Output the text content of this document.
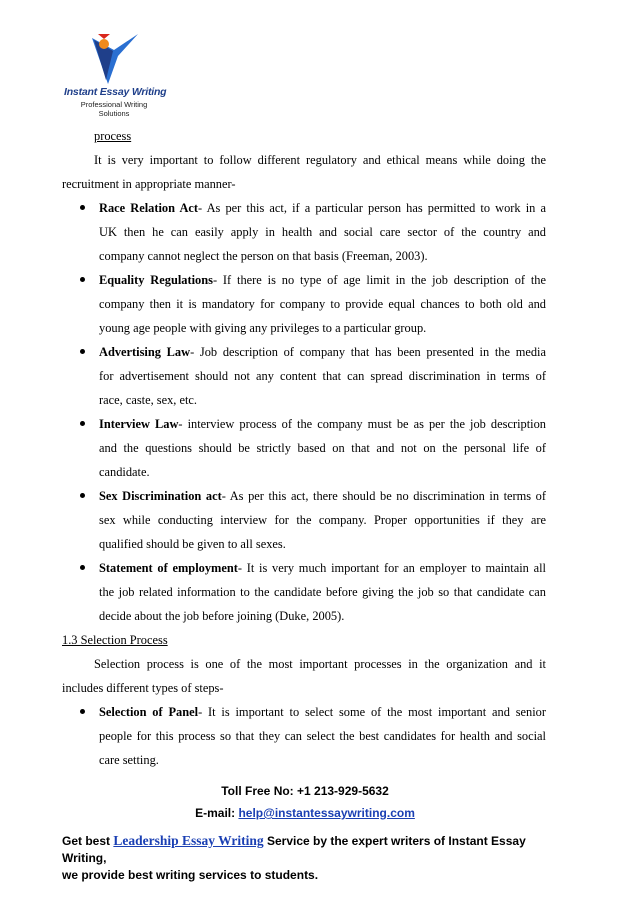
Instant Essay Writing
Professional Writing
Solutions
process
It is very important to follow different regulatory and ethical means while doing the
recruitment in appropriate manner-
Race Relation Act- As per this act, if a particular person has permitted to work in a
UK then he can easily apply in health and social care sector of the country and
company cannot neglect the person on that basis (Freeman, 2003).
Equality Regulations- If there is no type of age limit in the job description of the
company then it is mandatory for company to provide equal chances to both old and
young age people with giving any privileges to a particular group.
Advertising Law- Job description of company that has been presented in the media
for advertisement should not any content that can spread discrimination in terms of
race, caste, sex, etc.
Interview Law- interview process of the company must be as per the job description
and the questions should be strictly based on that and not on the personal life of
candidate.
Sex Discrimination act- As per this act, there should be no discrimination in terms of
sex while conducting interview for the company. Proper opportunities if they are
qualified should be given to all sexes.
Statement of employment- It is very much important for an employer to maintain all
the job related information to the candidate before giving the job so that candidate can
decide about the job before joining (Duke, 2005).
1.3 Selection Process
Selection process is one of the most important processes in the organization and it
includes different types of steps-
Selection of Panel- It is important to select some of the most important and senior
people for this process so that they can select the best candidates for health and social
care setting.
Toll Free No: +1 213-929-5632
E-mail: help@instantessaywriting.com
Get best Leadership Essay Writing Service by the expert writers of Instant Essay Writing,
we provide best writing services to students.
